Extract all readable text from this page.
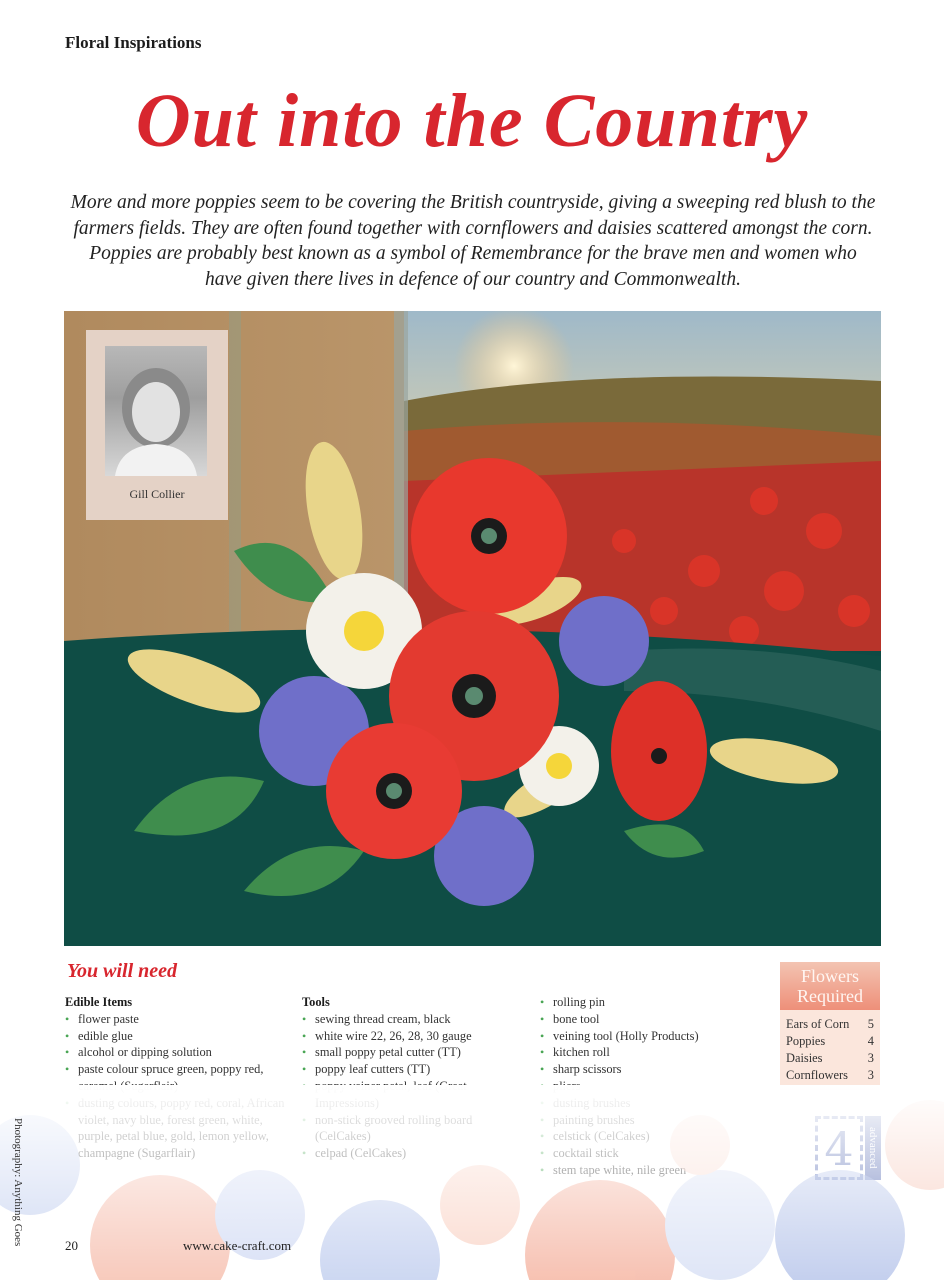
Floral Inspirations
Out into the Country

More and more poppies seem to be covering the British countryside, giving a sweeping red blush to the farmers fields. They are often found together with cornflowers and daisies scattered amongst the corn. Poppies are probably best known as a symbol of Remembrance for the brave men and women who have given there lives in defence of our country and Commonwealth.

Gill Collier
You will need
Edible Items
• flower paste
• edible glue
• alcohol or dipping solution
• paste colour spruce green, poppy red,
•
Tools
• sewing thread cream, black
• white wire 22, 26, 28, 30 gauge
• small poppy petal cutter (TT)
• poppy leaf cutters (TT)
•
•
•
• rolling pin
• bone tool
• veining tool (Holly Products)
• kitchen roll
• sharp scissors
•
•
•
•
•
•
Flowers Required
Ears of Corn 5
Poppies	4
Daisies	3
Cornflowers 3
Photography: Anything Goes	20	www.cake-craft.com
